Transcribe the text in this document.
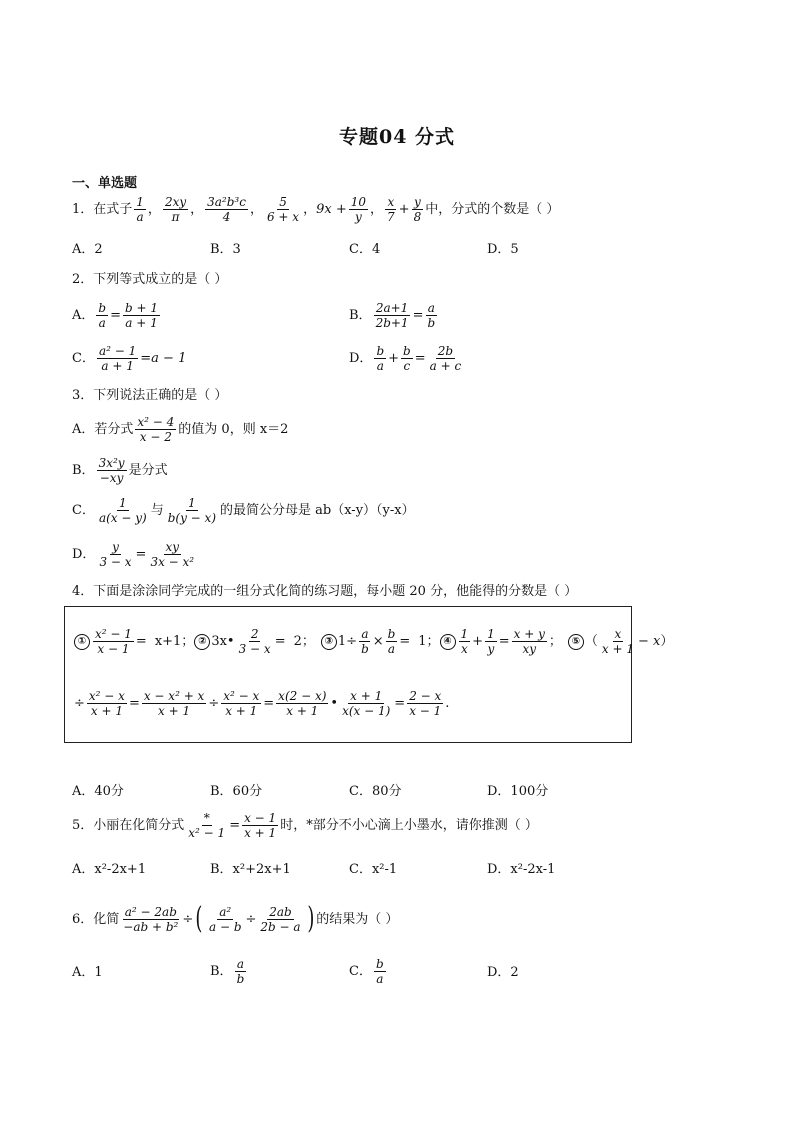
专题04 分式
一、单选题
1．在式子 $\frac{1}{a}$ ， $\frac{2xy}{\pi}$ ， $\frac{\text{3a²b³c}}{4}$ ， $\frac{5}{6 + x}$ ， $9x + \frac{10}{y}$ ， $\frac{x}{7} + \frac{y}{8}$ 中，分式的个数是（ ）
A．2	B．3	C．4	D．5
2．下列等式成立的是（ ）
A． $\frac{b}{a} = \frac{b + 1}{a + 1}$	B． $\frac{2a+1}{2b+1} = \frac{a}{b}$
C． $\frac{\text{a² − 1}}{a + 1} = a - 1$	D． $\frac{b}{a} + \frac{b}{c} = \frac{2b}{a + c}$
3．下列说法正确的是（ ）
A．若分式 $\frac{\text{x² − 4}}{x - 2}$ 的值为 0，则 x＝2
B． $\frac{\text{3x²y}}{-xy}$ 是分式
C． $\frac{1}{a(x - y)}$ 与 $\frac{1}{b(y - x)}$ 的最简公分母是 ab（x-y）（y-x）
D． $\frac{y}{3 - x} = \frac{xy}{\text{3x − x²}}$
4．下面是涂涂同学完成的一组分式化简的练习题，每小题 20 分，他能得的分数是（ ）
① $\frac{\text{x² − 1}}{x - 1} = x+1$； ② 3x• $\frac{2}{3 - x} = 2$； ③ $1 \div \frac{a}{b} \times \frac{b}{a} = 1$； ④ $\frac{1}{x} + \frac{1}{y} = \frac{x + y}{xy}$ ； ⑤ （ $\frac{x}{x + 1} - x$ ）
÷ $\frac{\text{x² − x}}{x + 1} = \frac{\text{x − x² + x}}{x + 1} \div \frac{\text{x² − x}}{x + 1} = \frac{x(2 - x)}{x + 1}$ • $\frac{x + 1}{x(x - 1)} = \frac{2 - x}{x - 1}$ .
A．40分	B．60分	C．80分	D．100分
5．小丽在化简分式 $\frac{*}{\text{x² − 1}} = \frac{x - 1}{x + 1}$ 时，*部分不小心滴上小墨水，请你推测（ ）
A．x²-2x+1	B．x²+2x+1	C．x²-1	D．x²-2x-1
6．化简 $\frac{\text{a² − 2ab}}{\text{−ab + b²}}$ ÷ ( $\frac{\text{a²}}{a - b} \div \frac{2ab}{2b - a}$ ) 的结果为（ ）
A．1	B． $\frac{a}{b}$	C． $\frac{b}{a}$	D．2
